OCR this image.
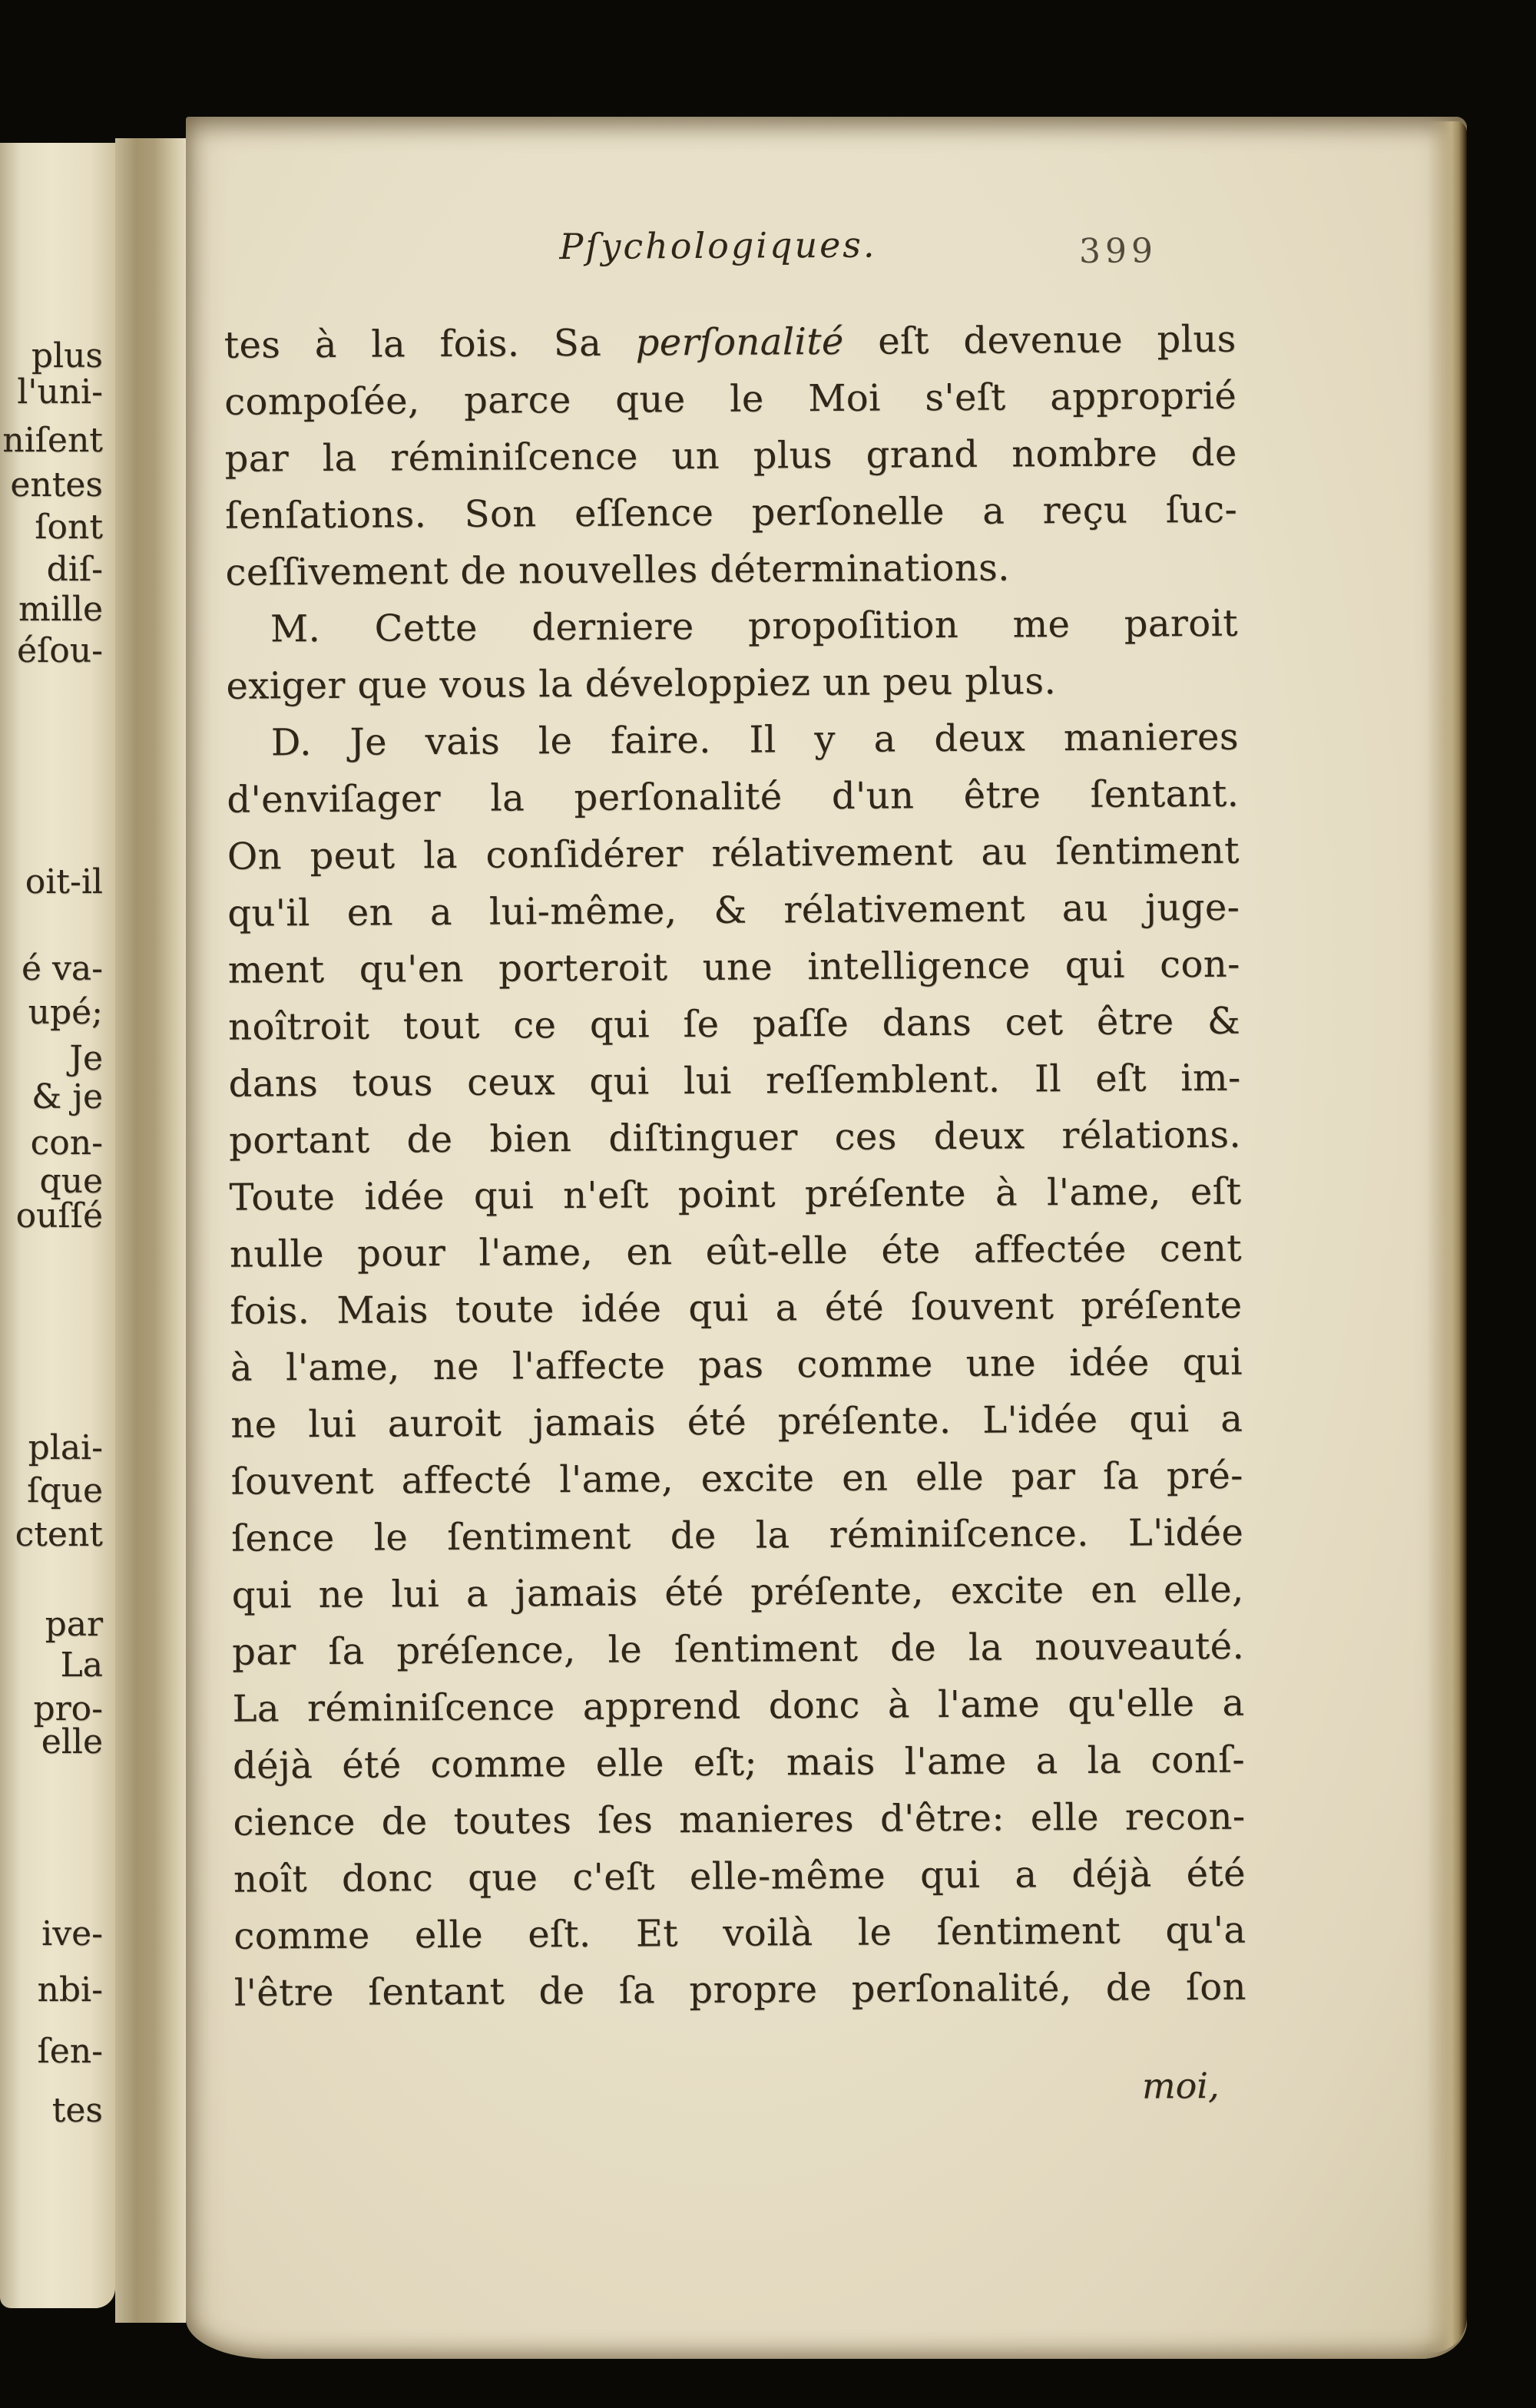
plus
l'uni-
niſent
entes
ſont
diſ-
mille
éſou-
oit-il
é va-
upé;
Je
& je
con-
que
ouſſé
plai-
ſque
ctent
par
La
pro-
elle
ive-
nbi-
ſen-
tes
Pſychologiques.	399
tes à la fois. Sa perſonalité eſt devenue plus
compoſée, parce que le Moi s'eſt approprié
par la réminiſcence un plus grand nombre de
ſenſations. Son eſſence perſonelle a reçu ſuc-
ceſſivement de nouvelles déterminations.
M. Cette derniere propoſition me paroit
exiger que vous la développiez un peu plus.
D. Je vais le faire. Il y a deux manieres
d'enviſager la perſonalité d'un être ſentant.
On peut la conſidérer rélativement au ſentiment
qu'il en a lui-même, & rélativement au juge-
ment qu'en porteroit une intelligence qui con-
noîtroit tout ce qui ſe paſſe dans cet être &
dans tous ceux qui lui reſſemblent. Il eſt im-
portant de bien diſtinguer ces deux rélations.
Toute idée qui n'eſt point préſente à l'ame, eſt
nulle pour l'ame, en eût-elle éte affectée cent
fois. Mais toute idée qui a été ſouvent préſente
à l'ame, ne l'affecte pas comme une idée qui
ne lui auroit jamais été préſente. L'idée qui a
ſouvent affecté l'ame, excite en elle par ſa pré-
ſence le ſentiment de la réminiſcence. L'idée
qui ne lui a jamais été préſente, excite en elle,
par ſa préſence, le ſentiment de la nouveauté.
La réminiſcence apprend donc à l'ame qu'elle a
déjà été comme elle eſt; mais l'ame a la conſ-
cience de toutes ſes manieres d'être: elle recon-
noît donc que c'eſt elle-même qui a déjà été
comme elle eſt. Et voilà le ſentiment qu'a
l'être ſentant de ſa propre perſonalité, de ſon
moi,
